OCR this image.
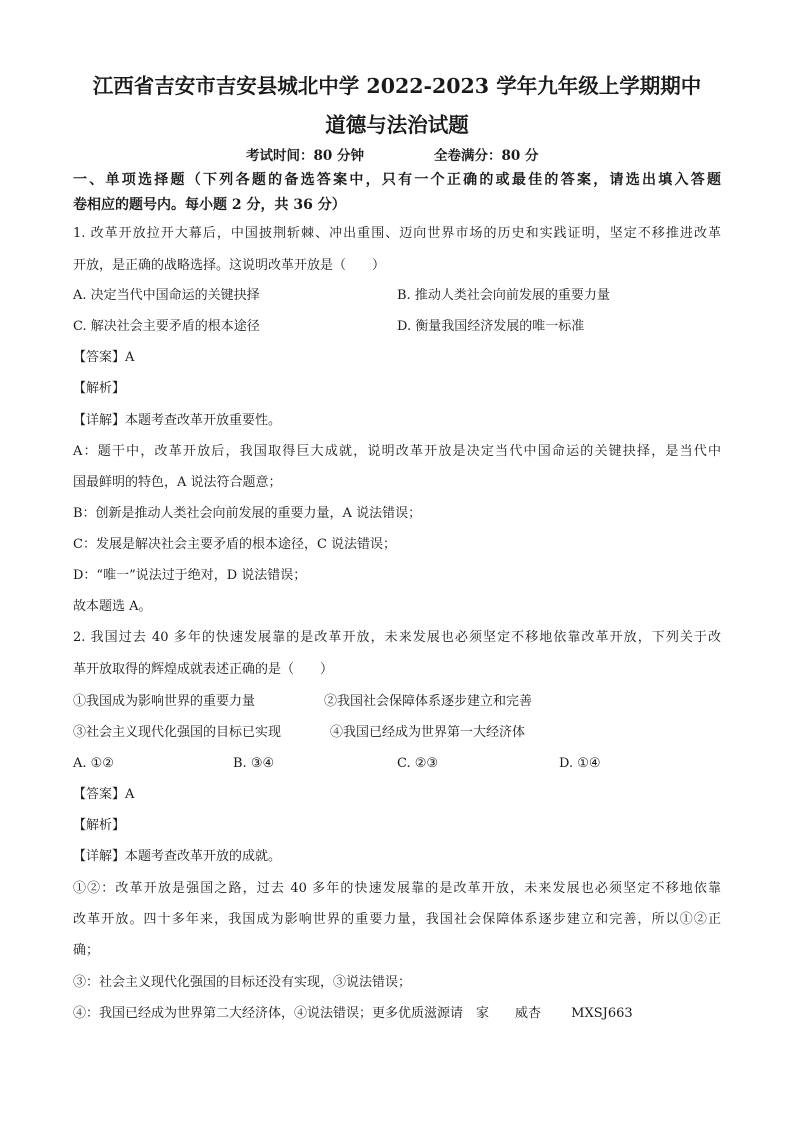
江西省吉安市吉安县城北中学 2022-2023 学年九年级上学期期中
道德与法治试题
考试时间：80 分钟	全卷满分：80 分
一、单项选择题（下列各题的备选答案中，只有一个正确的或最佳的答案，请选出填入答题
卷相应的题号内。每小题 2 分，共 36 分）
1. 改革开放拉开大幕后，中国披荆斩棘、冲出重围、迈向世界市场的历史和实践证明，坚定不移推进改革
开放，是正确的战略选择。这说明改革开放是（　　）
A. 决定当代中国命运的关键抉择	B. 推动人类社会向前发展的重要力量
C. 解决社会主要矛盾的根本途径	D. 衡量我国经济发展的唯一标准
【答案】A
【解析】
【详解】本题考查改革开放重要性。
A：题干中，改革开放后，我国取得巨大成就，说明改革开放是决定当代中国命运的关键抉择，是当代中
国最鲜明的特色，A 说法符合题意；
B：创新是推动人类社会向前发展的重要力量，A 说法错误；
C：发展是解决社会主要矛盾的根本途径，C 说法错误；
D：“唯一”说法过于绝对，D 说法错误；
故本题选 A。
2. 我国过去 40 多年的快速发展靠的是改革开放，未来发展也必须坚定不移地依靠改革开放，下列关于改
革开放取得的辉煌成就表述正确的是（　　）
①我国成为影响世界的重要力量	②我国社会保障体系逐步建立和完善
③社会主义现代化强国的目标已实现	④我国已经成为世界第一大经济体
A. ①②	B. ③④	C. ②③	D. ①④
【答案】A
【解析】
【详解】本题考查改革开放的成就。
①②：改革开放是强国之路，过去 40 多年的快速发展靠的是改革开放，未来发展也必须坚定不移地依靠
改革开放。四十多年来，我国成为影响世界的重要力量，我国社会保障体系逐步建立和完善，所以①②正
确；
③：社会主义现代化强国的目标还没有实现，③说法错误；
④：我国已经成为世界第二大经济体，④说法错误；更多优质滋源请　家　　威杏　　 MXSJ663
